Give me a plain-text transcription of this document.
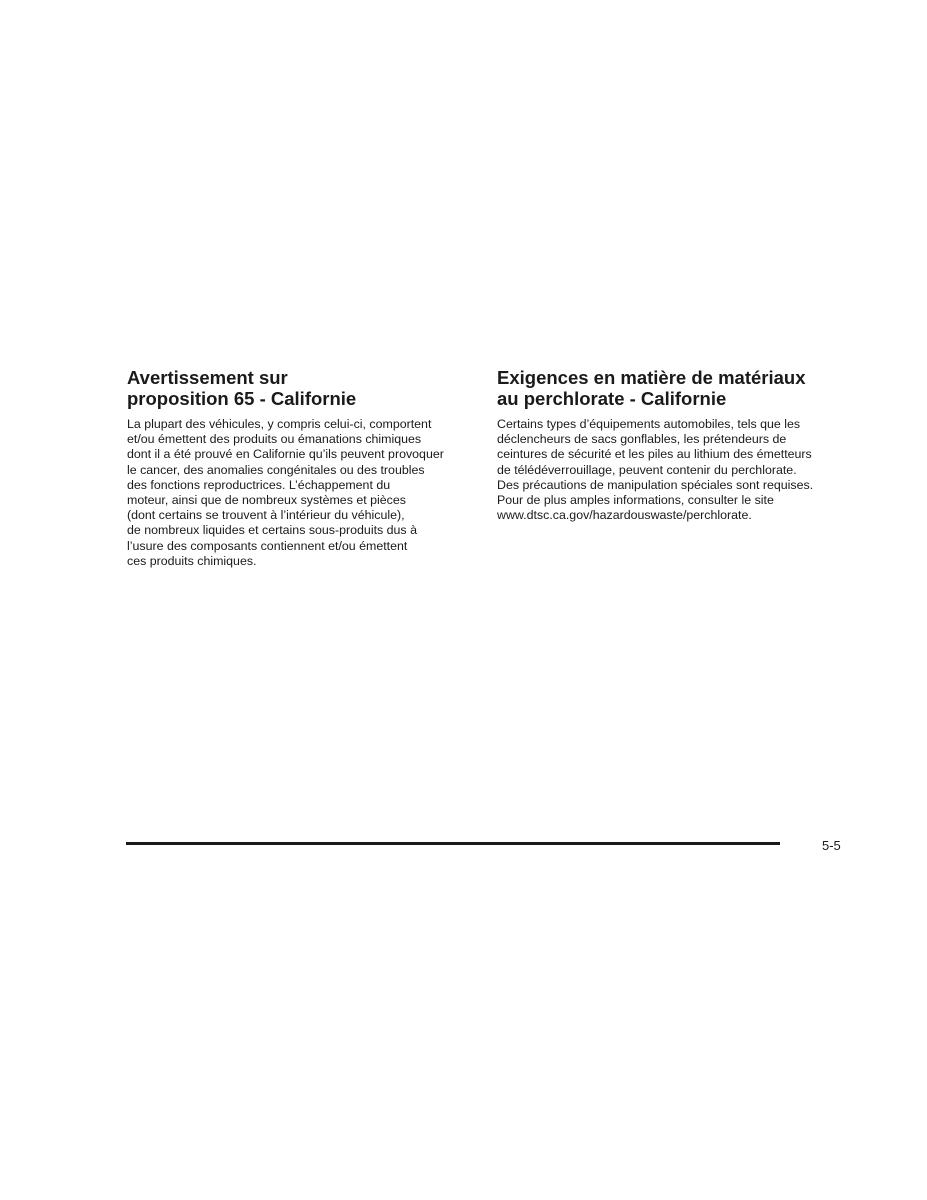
Avertissement sur
proposition 65 - Californie

La plupart des véhicules, y compris celui-ci, comportent
et/ou émettent des produits ou émanations chimiques
dont il a été prouvé en Californie qu’ils peuvent provoquer
le cancer, des anomalies congénitales ou des troubles
des fonctions reproductrices. L’échappement du
moteur, ainsi que de nombreux systèmes et pièces
(dont certains se trouvent à l’intérieur du véhicule),
de nombreux liquides et certains sous-produits dus à
l’usure des composants contiennent et/ou émettent
ces produits chimiques.

Exigences en matière de matériaux
au perchlorate - Californie

Certains types d’équipements automobiles, tels que les
déclencheurs de sacs gonflables, les prétendeurs de
ceintures de sécurité et les piles au lithium des émetteurs
de télédéverrouillage, peuvent contenir du perchlorate.
Des précautions de manipulation spéciales sont requises.
Pour de plus amples informations, consulter le site
www.dtsc.ca.gov/hazardouswaste/perchlorate.

5-5
